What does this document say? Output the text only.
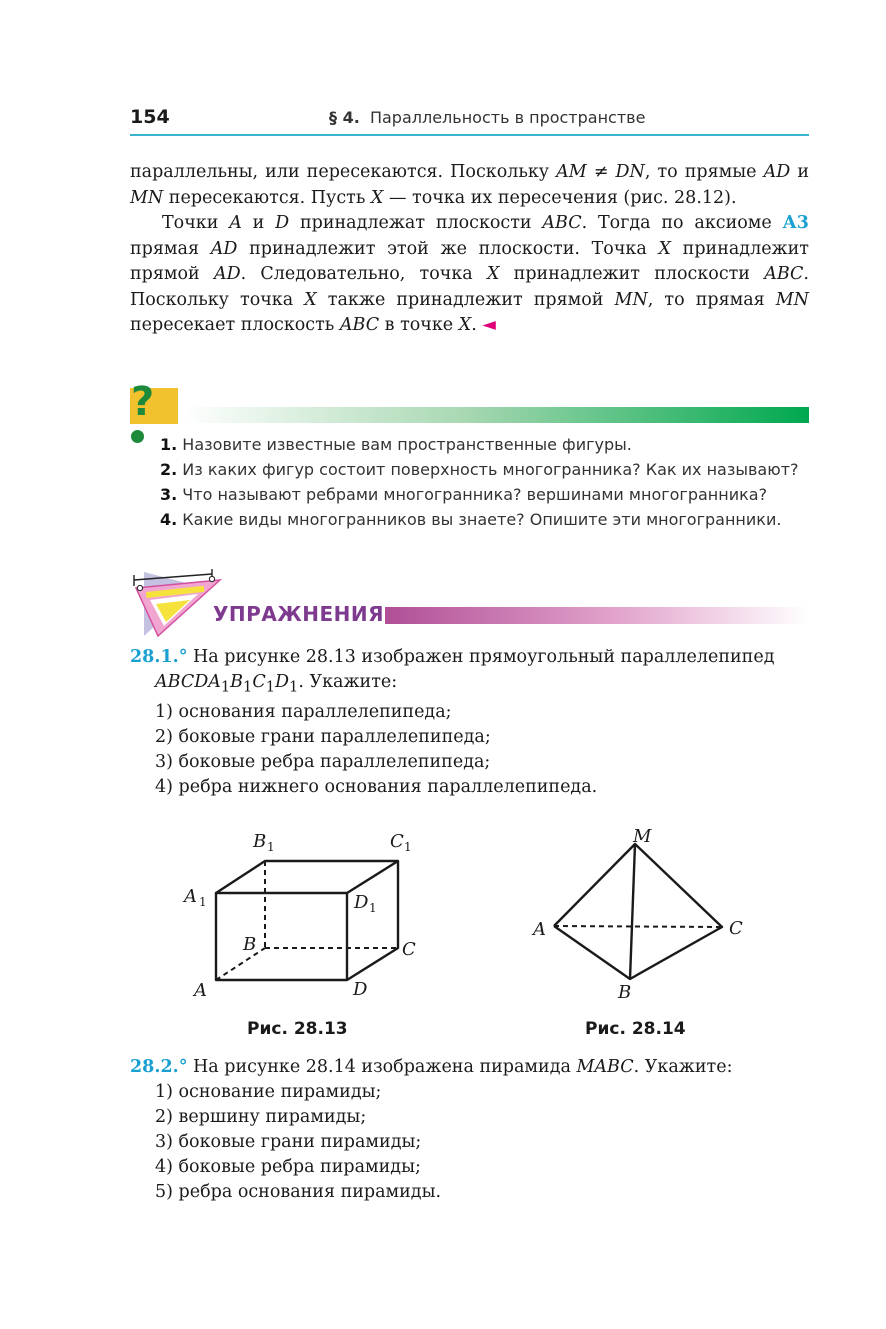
154	§ 4. Параллельность в пространстве

параллельны, или пересекаются. Поскольку AM ≠ DN, то прямые AD и MN пересекаются. Пусть X — точка их пересечения (рис. 28.12).

Точки A и D принадлежат плоскости ABC. Тогда по аксиоме А3 прямая AD принадлежит этой же плоскости. Точка X принадлежит прямой AD. Следовательно, точка X принадлежит плоскости ABC. Поскольку точка X также принадлежит прямой MN, то прямая MN пересекает плоскость ABC в точке X. ◄

?
1. Назовите известные вам пространственные фигуры.
2. Из каких фигур состоит поверхность многогранника? Как их называют?
3. Что называют ребрами многогранника? вершинами многогранника?
4. Какие виды многогранников вы знаете? Опишите эти многогранники.
УПРАЖНЕНИЯ
28.1.° На рисунке 28.13 изображен прямоугольный параллелепипед
$ABCDA_1B_1C_1D_1$. Укажите:
1) основания параллелепипеда;
2) боковые грани параллелепипеда;
3) боковые ребра параллелепипеда;
4) ребра нижнего основания параллелепипеда.
B 1	C 1
A 1	D 1
B	C
A	D
Рис. 28.13
M
A	C
B
Рис. 28.14
28.2.° На рисунке 28.14 изображена пирамида MABC. Укажите:
1) основание пирамиды;
2) вершину пирамиды;
3) боковые грани пирамиды;
4) боковые ребра пирамиды;
5) ребра основания пирамиды.
